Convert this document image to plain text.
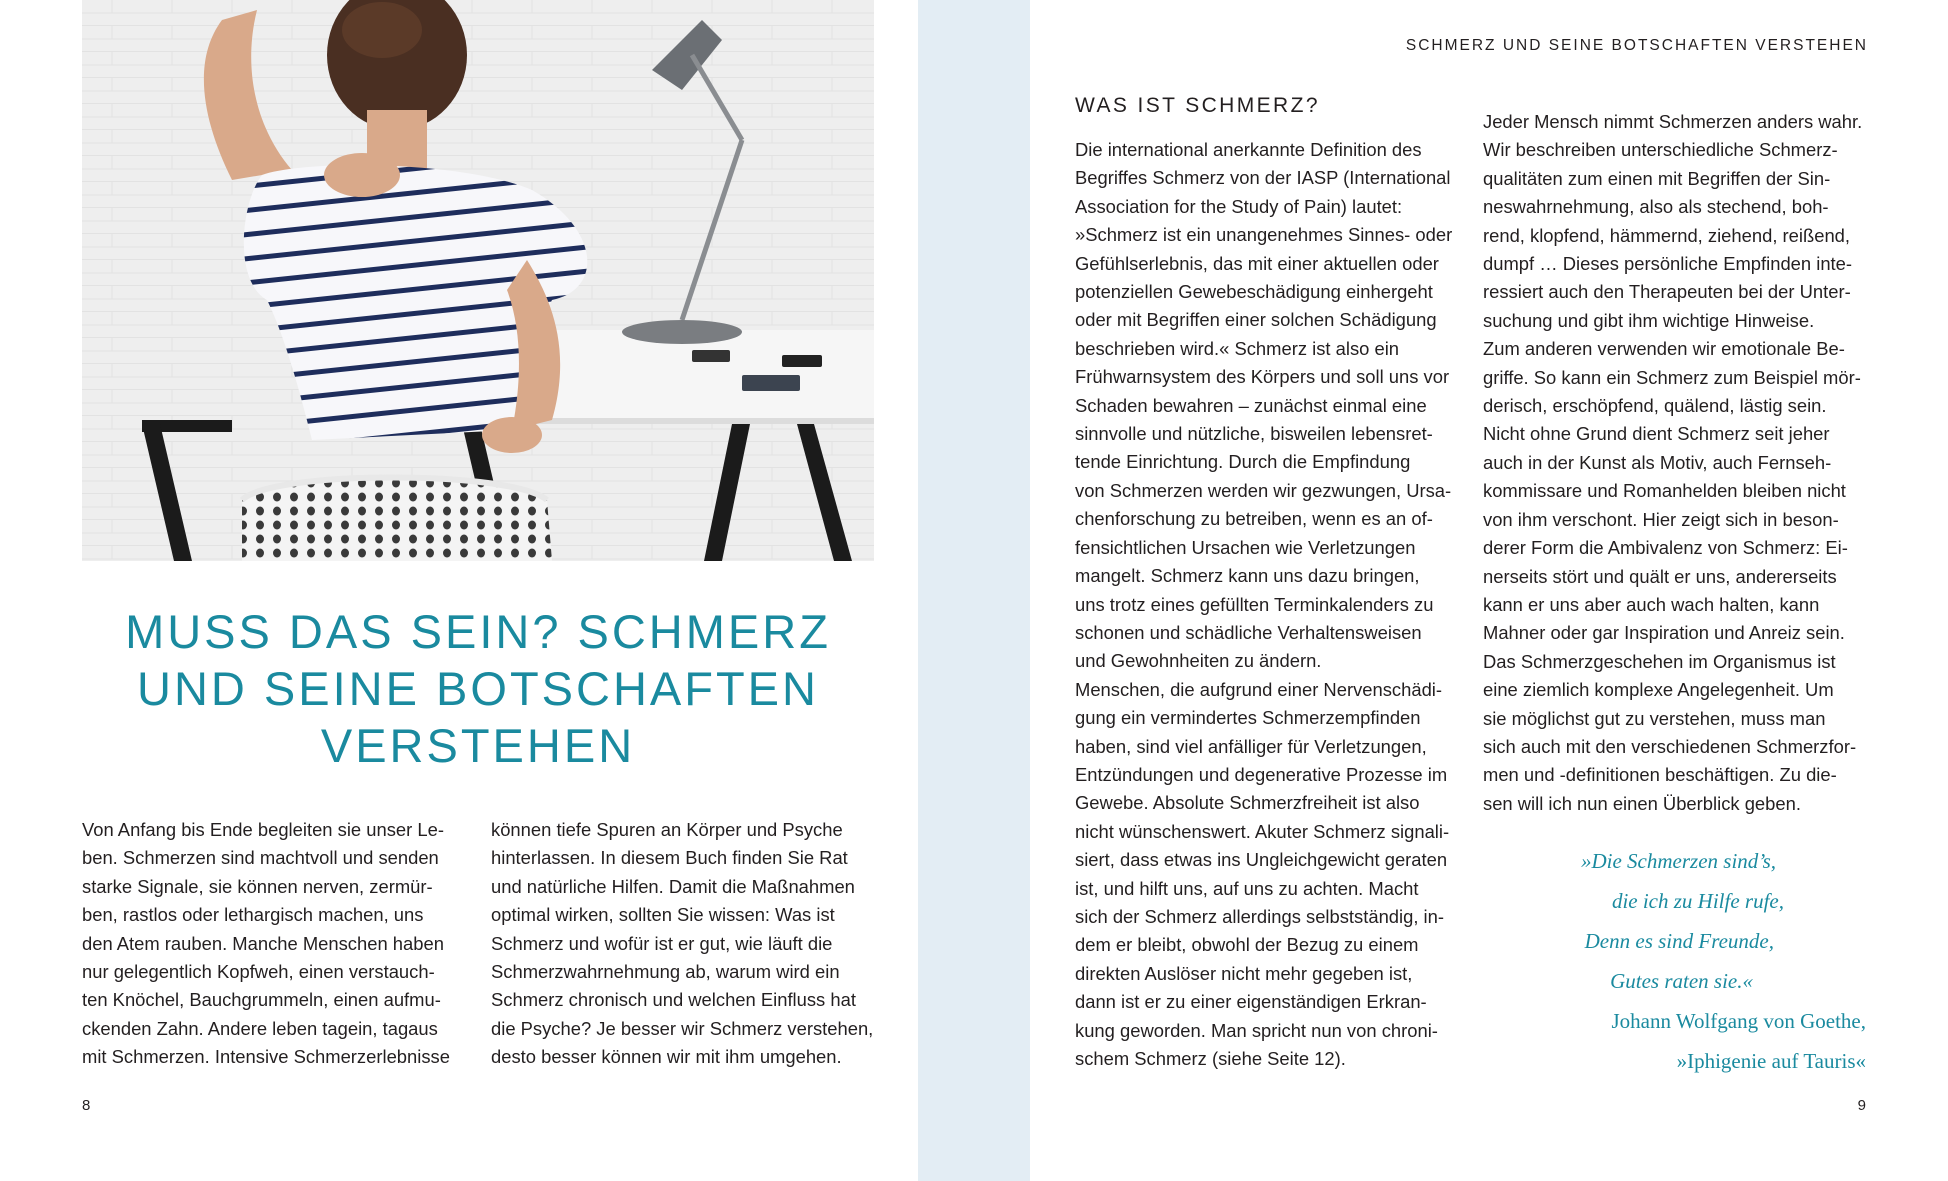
MUSS DAS SEIN? SCHMERZ
UND SEINE BOTSCHAFTEN
VERSTEHEN
Von Anfang bis Ende begleiten sie unser Le-
ben. Schmerzen sind machtvoll und senden
starke Signale, sie können nerven, zermür-
ben, rastlos oder lethargisch machen, uns
den Atem rauben. Manche Menschen haben
nur gelegentlich Kopfweh, einen verstauch-
ten Knöchel, Bauchgrummeln, einen aufmu-
ckenden Zahn. Andere leben tagein, tagaus
mit Schmerzen. Intensive Schmerzerlebnisse
können tiefe Spuren an Körper und Psyche
hinterlassen. In diesem Buch finden Sie Rat
und natürliche Hilfen. Damit die Maßnahmen
optimal wirken, sollten Sie wissen: Was ist
Schmerz und wofür ist er gut, wie läuft die
Schmerzwahrnehmung ab, warum wird ein
Schmerz chronisch und welchen Einfluss hat
die Psyche? Je besser wir Schmerz verstehen,
desto besser können wir mit ihm umgehen.
8
SCHMERZ UND SEINE BOTSCHAFTEN VERSTEHEN
WAS IST SCHMERZ?
Die international anerkannte Definition des
Begriffes Schmerz von der IASP (International
Association for the Study of Pain) lautet:
»Schmerz ist ein unangenehmes Sinnes- oder
Gefühlserlebnis, das mit einer aktuellen oder
potenziellen Gewebeschädigung einhergeht
oder mit Begriffen einer solchen Schädigung
beschrieben wird.« Schmerz ist also ein
Frühwarnsystem des Körpers und soll uns vor
Schaden bewahren – zunächst einmal eine
sinnvolle und nützliche, bisweilen lebensret-
tende Einrichtung. Durch die Empfindung
von Schmerzen werden wir gezwungen, Ursa-
chenforschung zu betreiben, wenn es an of-
fensichtlichen Ursachen wie Verletzungen
mangelt. Schmerz kann uns dazu bringen,
uns trotz eines gefüllten Terminkalenders zu
schonen und schädliche Verhaltensweisen
und Gewohnheiten zu ändern.
Menschen, die aufgrund einer Nervenschädi-
gung ein vermindertes Schmerzempfinden
haben, sind viel anfälliger für Verletzungen,
Entzündungen und degenerative Prozesse im
Gewebe. Absolute Schmerzfreiheit ist also
nicht wünschenswert. Akuter Schmerz signali-
siert, dass etwas ins Ungleichgewicht geraten
ist, und hilft uns, auf uns zu achten. Macht
sich der Schmerz allerdings selbstständig, in-
dem er bleibt, obwohl der Bezug zu einem
direkten Auslöser nicht mehr gegeben ist,
dann ist er zu einer eigenständigen Erkran-
kung geworden. Man spricht nun von chroni-
schem Schmerz (siehe Seite 12).
Jeder Mensch nimmt Schmerzen anders wahr.
Wir beschreiben unterschiedliche Schmerz-
qualitäten zum einen mit Begriffen der Sin-
neswahrnehmung, also als stechend, boh-
rend, klopfend, hämmernd, ziehend, reißend,
dumpf … Dieses persönliche Empfinden inte-
ressiert auch den Therapeuten bei der Unter-
suchung und gibt ihm wichtige Hinweise.
Zum anderen verwenden wir emotionale Be-
griffe. So kann ein Schmerz zum Beispiel mör-
derisch, erschöpfend, quälend, lästig sein.
Nicht ohne Grund dient Schmerz seit jeher
auch in der Kunst als Motiv, auch Fernseh-
kommissare und Romanhelden bleiben nicht
von ihm verschont. Hier zeigt sich in beson-
derer Form die Ambivalenz von Schmerz: Ei-
nerseits stört und quält er uns, andererseits
kann er uns aber auch wach halten, kann
Mahner oder gar Inspiration und Anreiz sein.
Das Schmerzgeschehen im Organismus ist
eine ziemlich komplexe Angelegenheit. Um
sie möglichst gut zu verstehen, muss man
sich auch mit den verschiedenen Schmerzfor-
men und -definitionen beschäftigen. Zu die-
sen will ich nun einen Überblick geben.
»Die Schmerzen sind’s,
die ich zu Hilfe rufe,
Denn es sind Freunde,
Gutes raten sie.«
Johann Wolfgang von Goethe,
»Iphigenie auf Tauris«
9
